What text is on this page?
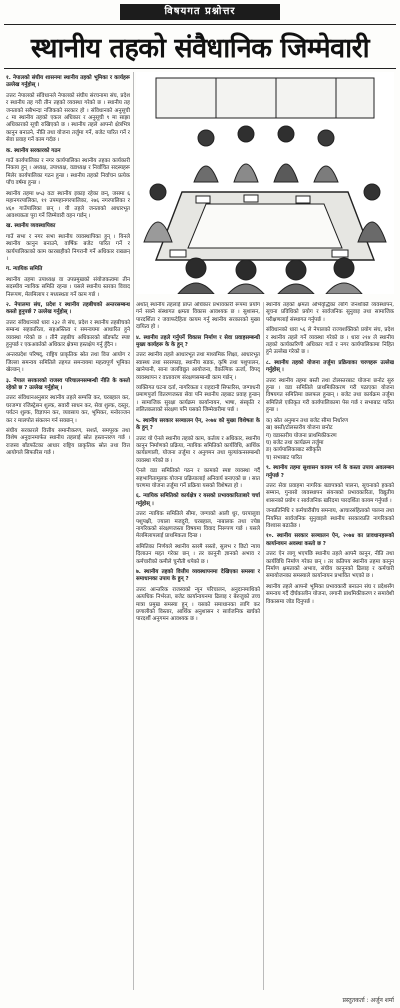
विषयगत प्रश्नोत्तर
स्थानीय तहको संवैधानिक जिम्मेवारी

१. नेपालको संघीय शासनमा स्थानीय तहको भूमिका र कार्यहरू उल्लेख गर्नुहोस् ।

उत्तरः नेपालको संविधानले नेपालको संघीय संरचनामा संघ, प्रदेश र स्थानीय तह गरी तीन तहको व्यवस्था गरेको छ । स्थानीय तह जनताको सबैभन्दा नजिकको सरकार हो । संविधानको अनुसूची ८ मा स्थानीय तहको एकल अधिकार र अनुसूची ९ मा साझा अधिकारको सूची राखिएको छ । स्थानीय तहले आफ्नो क्षेत्रभित्र कानुन बनाउने, नीति तथा योजना तर्जुमा गर्ने, बजेट पारित गर्ने र सेवा प्रवाह गर्ने काम गर्दछ ।

क. स्थानीय सरकारको गठन

गाउँ कार्यपालिका र नगर कार्यपालिका स्थानीय तहका कार्यकारी निकाय हुन् । अध्यक्ष, उपाध्यक्ष, वडाध्यक्ष र निर्वाचित सदस्यहरू मिलेर कार्यपालिका गठन हुन्छ । स्थानीय तहको निर्वाचन प्रत्येक पाँच वर्षमा हुन्छ ।

स्थानीय तहमा ७५३ वटा स्थानीय इकाइ रहेका छन्, जसमा ६ महानगरपालिका, ११ उपमहानगरपालिका, २७६ नगरपालिका र ४६० गाउँपालिका छन् । यी तहले जनताको आधारभूत आवश्यकता पूरा गर्ने जिम्मेवारी वहन गर्छन् ।

ख. स्थानीय व्यवस्थापिका

गाउँ सभा र नगर सभा स्थानीय व्यवस्थापिका हुन् । यिनले स्थानीय कानुन बनाउने, वार्षिक बजेट पारित गर्ने र कार्यपालिकाको काम कारबाहीको निगरानी गर्ने अधिकार राख्छन् ।

ग. न्यायिक समिति

स्थानीय तहमा उपाध्यक्ष वा उपप्रमुखको संयोजकत्वमा तीन सदस्यीय न्यायिक समिति रहन्छ । यसले स्थानीय स्तरका विवाद निरूपण, मेलमिलाप र मध्यस्थता गर्ने काम गर्छ ।

२. नेपालमा संघ, प्रदेश र स्थानीय तहबीचको अन्तरसम्बन्ध कस्तो हुनुपर्छ ? उल्लेख गर्नुहोस् ।

उत्तरः संविधानको धारा २३२ ले संघ, प्रदेश र स्थानीय तहबीचको सम्बन्ध सहकारिता, सहअस्तित्व र समन्वयमा आधारित हुने व्यवस्था गरेको छ । तीनै तहबीच अधिकारको बाँडफाँट स्पष्ट हुनुपर्छ र एकअर्काको अधिकार क्षेत्रमा हस्तक्षेप गर्नु हुँदैन ।

अन्तरप्रदेश परिषद्, राष्ट्रिय प्राकृतिक स्रोत तथा वित्त आयोग र जिल्ला समन्वय समितिले तहगत समन्वयमा महत्वपूर्ण भूमिका खेल्छन् ।

३. नेपाल सरकारको राजस्व परिचालनसम्बन्धी नीति के कस्तो रहेको छ ? उल्लेख गर्नुहोस् ।

उत्तरः संविधानअनुसार स्थानीय तहले सम्पत्ति कर, घरबहाल कर, घरजग्गा रजिस्ट्रेसन शुल्क, सवारी साधन कर, सेवा शुल्क, दस्तुर, पर्यटन शुल्क, विज्ञापन कर, व्यवसाय कर, भूमिकर, मनोरञ्जन कर र मालपोत संकलन गर्न सक्छन् ।

संघीय सरकारले वित्तीय समानीकरण, सशर्त, समपूरक तथा विशेष अनुदानमार्फत स्थानीय तहलाई स्रोत हस्तान्तरण गर्छ । राजस्व बाँडफाँटका आधार राष्ट्रिय प्राकृतिक स्रोत तथा वित्त आयोगले सिफारिस गर्छ ।

अर्थात् स्थानीय तहलाई प्राप्त अधिकार प्रभावकारी रूपमा प्रयोग गर्न सक्ने संस्थागत क्षमता विकास आवश्यक छ । सुशासन, पारदर्शिता र जवाफदेहिता कायम गर्नु स्थानीय सरकारको मुख्य दायित्व हो ।

४. स्थानीय तहले गर्नुपर्ने विकास निर्माण र सेवा प्रवाहसम्बन्धी मुख्य कार्यहरू के के हुन् ?

उत्तरः स्थानीय तहले आधारभूत तथा माध्यमिक शिक्षा, आधारभूत स्वास्थ्य तथा सरसफाइ, स्थानीय सडक, कृषि तथा पशुपालन, खानेपानी, साना जलविद्युत आयोजना, वैकल्पिक ऊर्जा, विपद् व्यवस्थापन र वातावरण संरक्षणसम्बन्धी काम गर्छन् ।

व्यक्तिगत घटना दर्ता, नागरिकता र राहदानी सिफारिस, जग्गाधनी प्रमाणपुर्जा वितरणजस्ता सेवा पनि स्थानीय तहबाट प्रवाह हुन्छन् । सामाजिक सुरक्षा कार्यक्रम कार्यान्वयन, भाषा, संस्कृति र ललितकलाको संरक्षण पनि यसको जिम्मेवारीमा पर्छ ।

५. स्थानीय सरकार सञ्चालन ऐन, २०७४ को मुख्य विशेषता के के हुन् ?

उत्तरः यो ऐनले स्थानीय तहको काम, कर्तव्य र अधिकार, स्थानीय कानुन निर्माणको प्रक्रिया, न्यायिक समितिको कार्यविधि, आर्थिक कार्यप्रणाली, योजना तर्जुमा र अनुगमन तथा मूल्यांकनसम्बन्धी व्यवस्था गरेको छ ।

ऐनले वडा समितिको गठन र कामको स्पष्ट व्यवस्था गर्दै सहभागितामूलक योजना प्रक्रियालाई अनिवार्य बनाएको छ । सात चरणमा योजना तर्जुमा गर्ने प्रक्रिया यसको विशेषता हो ।

६. न्यायिक समितिको कार्यक्षेत्र र यसको प्रभावकारिताबारे चर्चा गर्नुहोस् ।

उत्तरः न्यायिक समितिले सीमा, जग्गाको आली धुर, घरपालुवा पशुपक्षी, ज्याला मजदुरी, घरबहाल, नाबालक तथा ज्येष्ठ नागरिकको संरक्षणजस्ता विषयमा विवाद निरूपण गर्छ । यसले मेलमिलापलाई प्राथमिकता दिन्छ ।

समितिका निर्णयले स्थानीय स्तरमै सस्तो, सुलभ र छिटो न्याय दिलाउन मद्दत गरेका छन् । तर कानुनी ज्ञानको अभाव र कर्मचारीको कमीले चुनौती थपेको छ ।

७. स्थानीय तहको वित्तीय व्यवस्थापनमा देखिएका समस्या र समाधानका उपाय के हुन् ?

उत्तरः आन्तरिक राजस्वको न्यून परिचालन, अनुदानमाथिको अत्यधिक निर्भरता, बजेट कार्यान्वयनमा ढिलाइ र बेरुजुको उच्च मात्रा प्रमुख समस्या हुन् । यसको समाधानका लागि कर प्रणालीको विस्तार, आर्थिक अनुशासन र सार्वजनिक खर्चको पारदर्शी अनुगमन आवश्यक छ ।

स्थानीय तहको क्षमता अभिवृद्धिका लागि जनशक्ति व्यवस्थापन, सूचना प्रविधिको प्रयोग र सार्वजनिक सुनुवाइ तथा सामाजिक परीक्षणलाई संस्थागत गर्नुपर्छ ।

संविधानको धारा ५६ ले नेपालको राज्यशक्तिको प्रयोग संघ, प्रदेश र स्थानीय तहले गर्ने व्यवस्था गरेको छ । धारा २१४ ले स्थानीय तहको कार्यकारिणी अधिकार गाउँ र नगर कार्यपालिकामा निहित हुने उल्लेख गरेको छ ।

८. स्थानीय तहको योजना तर्जुमा प्रक्रियाका चरणहरू उल्लेख गर्नुहोस् ।

उत्तरः स्थानीय तहमा बस्ती तथा टोलस्तरबाट योजना छनोट सुरु हुन्छ । वडा समितिले प्राथमिकीकरण गरी पठाएका योजना विषयगत समितिमा छलफल हुन्छन् । बजेट तथा कार्यक्रम तर्जुमा समितिले एकीकृत गरी कार्यपालिकामा पेस गर्छ र सभाबाट पारित हुन्छ ।

क) स्रोत अनुमान तथा बजेट सीमा निर्धारण
ख) बस्ती/टोलस्तरीय योजना छनोट
ग) वडास्तरीय योजना प्राथमिकीकरण
घ) बजेट तथा कार्यक्रम तर्जुमा
ङ) कार्यपालिकाबाट स्वीकृति
च) सभाबाट पारित

९. स्थानीय तहमा सुशासन कायम गर्न के कस्ता उपाय अवलम्बन गर्नुपर्छ ?

उत्तरः सेवा प्रवाहमा नागरिक बडापत्रको पालना, सूचनाको हकको सम्मान, गुनासो व्यवस्थापन संयन्त्रको प्रभावकारिता, विद्युतीय शासनको प्रयोग र सार्वजनिक खरिदमा पारदर्शिता कायम गर्नुपर्छ ।

जनप्रतिनिधि र कर्मचारीबीच समन्वय, आचारसंहिताको पालना तथा नियमित सार्वजनिक सुनुवाइले स्थानीय सरकारप्रति नागरिकको विश्वास बढाउँछ ।

१०. स्थानीय सरकार सञ्चालन ऐन, २०७४ का प्रावधानहरूको कार्यान्वयन अवस्था कस्तो छ ?

उत्तरः ऐन लागू भएपछि स्थानीय तहले आफ्नै कानुन, नीति तथा कार्यविधि निर्माण गरेका छन् । तर कतिपय स्थानीय तहमा कानुन निर्माण क्षमताको अभाव, संघीय कानुनको ढिलाइ र कर्मचारी समायोजनका समस्याले कार्यान्वयन प्रभावित भएको छ ।

स्थानीय तहले आफ्नो भूमिका प्रभावकारी बनाउन संघ र प्रदेशसँग समन्वय गर्दै दीर्घकालीन योजना, लगानी प्राथमिकीकरण र समावेशी विकासमा जोड दिनुपर्छ ।

प्रस्तुतकर्ता : अर्जुन शर्मा
